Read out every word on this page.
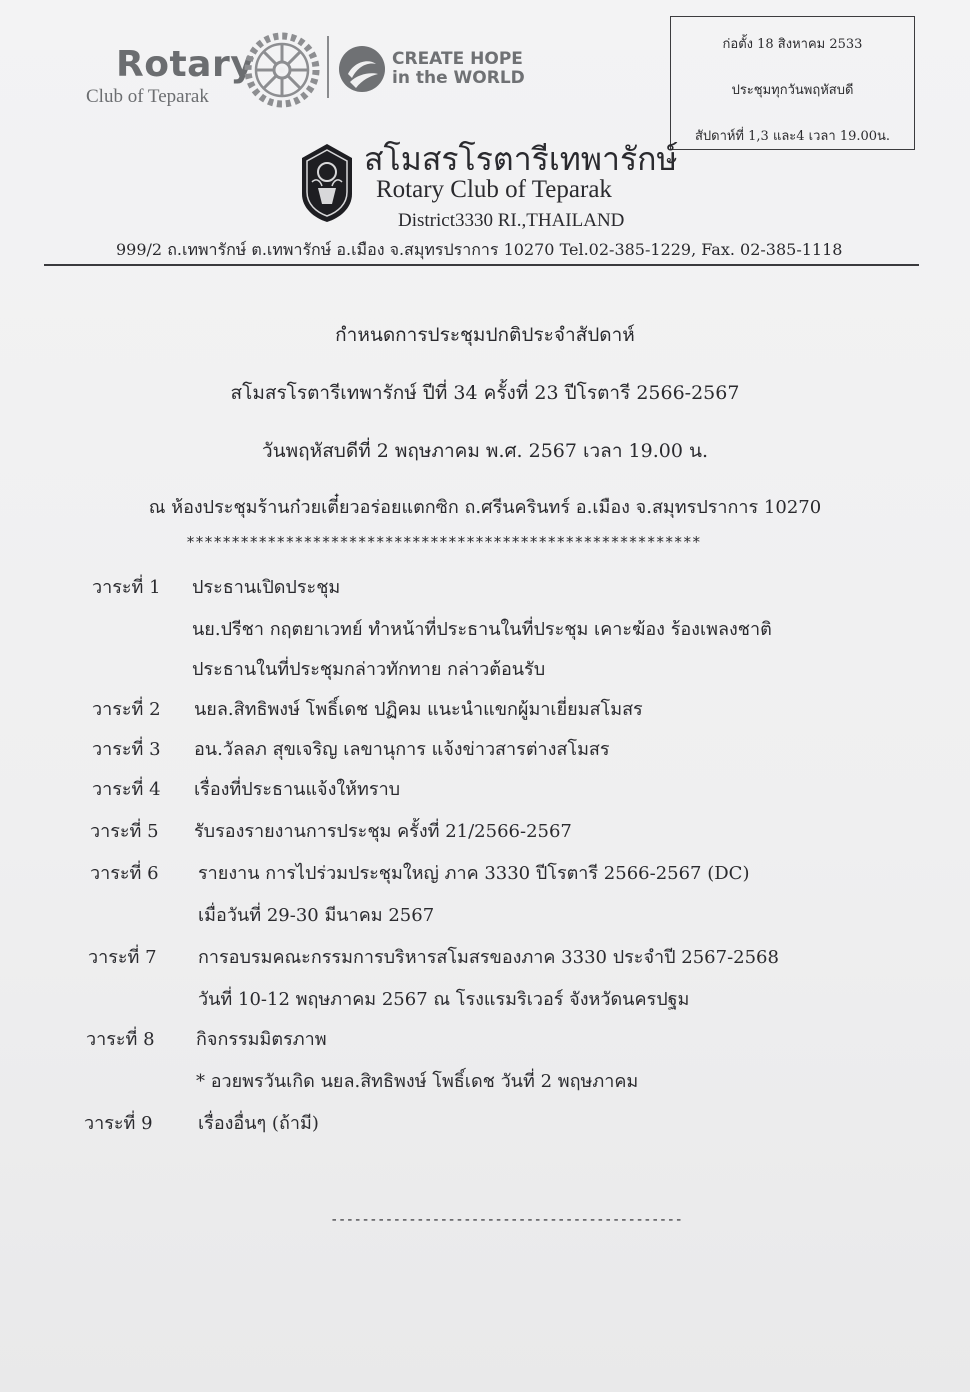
Rotary
Club of Teparak
CREATE HOPE
in the WORLD
ก่อตั้ง 18 สิงหาคม 2533
ประชุมทุกวันพฤหัสบดี
สัปดาห์ที่ 1,3 และ4 เวลา 19.00น.
สโมสรโรตารีเทพารักษ์
Rotary Club of Teparak
District3330 RI.,THAILAND
999/2 ถ.เทพารักษ์ ต.เทพารักษ์ อ.เมือง จ.สมุทรปราการ 10270 Tel.02-385-1229, Fax. 02-385-1118
กำหนดการประชุมปกติประจำสัปดาห์
สโมสรโรตารีเทพารักษ์ ปีที่ 34 ครั้งที่ 23 ปีโรตารี 2566-2567
วันพฤหัสบดีที่ 2 พฤษภาคม พ.ศ. 2567 เวลา 19.00 น.
ณ ห้องประชุมร้านก๋วยเตี๋ยวอร่อยแตกซิก ถ.ศรีนครินทร์ อ.เมือง จ.สมุทรปราการ 10270
*********************************************************
วาระที่ 1 ประธานเปิดประชุม
นย.ปรีชา กฤตยาเวทย์ ทำหน้าที่ประธานในที่ประชุม เคาะฆ้อง ร้องเพลงชาติ
ประธานในที่ประชุมกล่าวทักทาย กล่าวต้อนรับ
วาระที่ 2 นยล.สิทธิพงษ์ โพธิ์เดช ปฏิคม แนะนำแขกผู้มาเยี่ยมสโมสร
วาระที่ 3 อน.วัลลภ สุขเจริญ เลขานุการ แจ้งข่าวสารต่างสโมสร
วาระที่ 4 เรื่องที่ประธานแจ้งให้ทราบ
วาระที่ 5 รับรองรายงานการประชุม ครั้งที่ 21/2566-2567
วาระที่ 6 รายงาน การไปร่วมประชุมใหญ่ ภาค 3330 ปีโรตารี 2566-2567 (DC)
เมื่อวันที่ 29-30 มีนาคม 2567
วาระที่ 7 การอบรมคณะกรรมการบริหารสโมสรของภาค 3330 ประจำปี 2567-2568
วันที่ 10-12 พฤษภาคม 2567 ณ โรงแรมริเวอร์ จังหวัดนครปฐม
วาระที่ 8 กิจกรรมมิตรภาพ
* อวยพรวันเกิด นยล.สิทธิพงษ์ โพธิ์เดช วันที่ 2 พฤษภาคม
วาระที่ 9	เรื่องอื่นๆ (ถ้ามี)
---------------------------------------------
